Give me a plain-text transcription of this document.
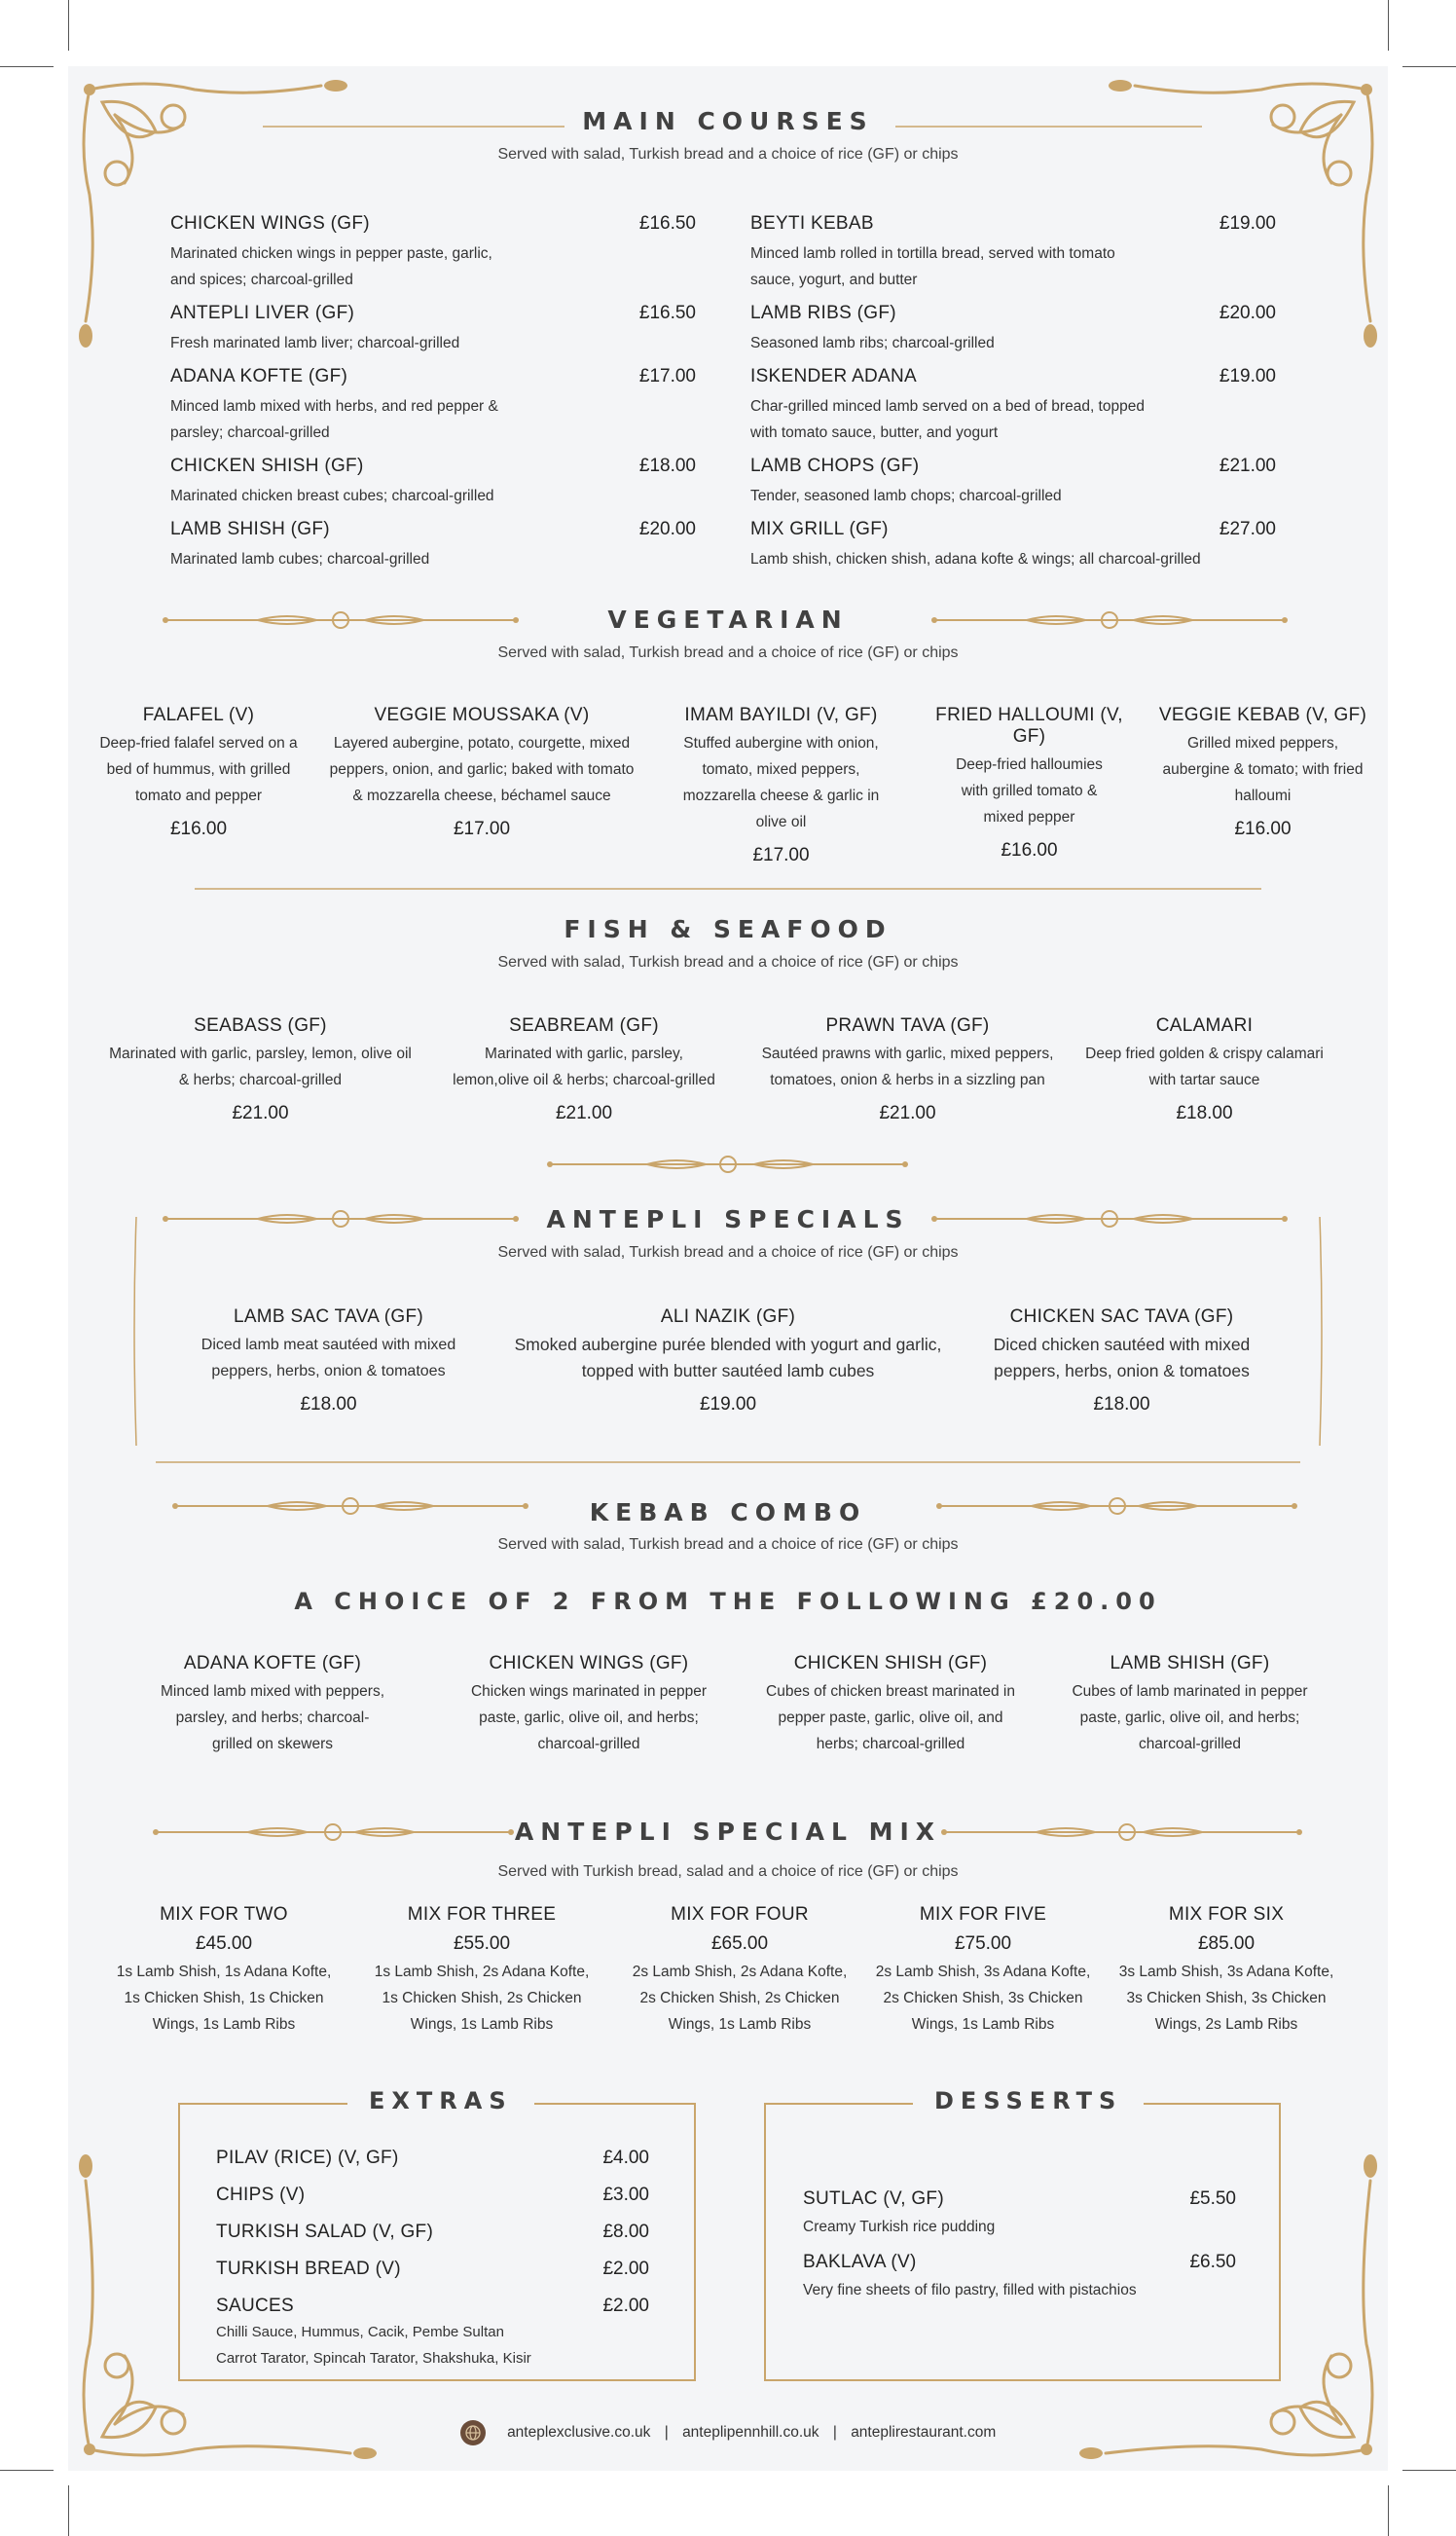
MAIN COURSES
Served with salad, Turkish bread and a choice of rice (GF) or chips
CHICKEN WINGS (GF)	£16.50
Marinated chicken wings in pepper paste, garlic, and spices; charcoal-grilled
ANTEPLI LIVER (GF)	£16.50
Fresh marinated lamb liver; charcoal-grilled
ADANA KOFTE (GF)	£17.00
Minced lamb mixed with herbs, and red pepper & parsley; charcoal-grilled
CHICKEN SHISH (GF)	£18.00
Marinated chicken breast cubes; charcoal-grilled
LAMB SHISH (GF)	£20.00
Marinated lamb cubes; charcoal-grilled
BEYTI KEBAB	£19.00
Minced lamb rolled in tortilla bread, served with tomato sauce, yogurt, and butter
LAMB RIBS (GF)	£20.00
Seasoned lamb ribs; charcoal-grilled
ISKENDER ADANA	£19.00
Char-grilled minced lamb served on a bed of bread, topped with tomato sauce, butter, and yogurt
LAMB CHOPS (GF)	£21.00
Tender, seasoned lamb chops; charcoal-grilled
MIX GRILL (GF)	£27.00
Lamb shish, chicken shish, adana kofte & wings; all charcoal-grilled
VEGETARIAN
Served with salad, Turkish bread and a choice of rice (GF) or chips
FALAFEL (V)
Deep-fried falafel served on a bed of hummus, with grilled tomato and pepper
£16.00
VEGGIE MOUSSAKA (V)
Layered aubergine, potato, courgette, mixed peppers, onion, and garlic; baked with tomato & mozzarella cheese, béchamel sauce
£17.00
IMAM BAYILDI (V, GF)
Stuffed aubergine with onion, tomato, mixed peppers, mozzarella cheese & garlic in olive oil
£17.00
FRIED HALLOUMI (V, GF)
Deep-fried halloumies with grilled tomato & mixed pepper
£16.00
VEGGIE KEBAB (V, GF)
Grilled mixed peppers, aubergine & tomato; with fried halloumi
£16.00
FISH & SEAFOOD
Served with salad, Turkish bread and a choice of rice (GF) or chips
SEABASS (GF)
Marinated with garlic, parsley, lemon, olive oil & herbs; charcoal-grilled
£21.00
SEABREAM (GF)
Marinated with garlic, parsley, lemon,olive oil & herbs; charcoal-grilled
£21.00
PRAWN TAVA (GF)
Sautéed prawns with garlic, mixed peppers, tomatoes, onion & herbs in a sizzling pan
£21.00
CALAMARI
Deep fried golden & crispy calamari with tartar sauce
£18.00
ANTEPLI SPECIALS
Served with salad, Turkish bread and a choice of rice (GF) or chips
LAMB SAC TAVA (GF)
Diced lamb meat sautéed with mixed peppers, herbs, onion & tomatoes
£18.00
ALI NAZIK (GF)
Smoked aubergine purée blended with yogurt and garlic, topped with butter sautéed lamb cubes
£19.00
CHICKEN SAC TAVA (GF)
Diced chicken sautéed with mixed peppers, herbs, onion & tomatoes
£18.00
KEBAB COMBO
Served with salad, Turkish bread and a choice of rice (GF) or chips
A CHOICE OF 2 FROM THE FOLLOWING £20.00
ADANA KOFTE (GF)
Minced lamb mixed with peppers, parsley, and herbs; charcoal-grilled on skewers
CHICKEN WINGS (GF)
Chicken wings marinated in pepper paste, garlic, olive oil, and herbs; charcoal-grilled
CHICKEN SHISH (GF)
Cubes of chicken breast marinated in pepper paste, garlic, olive oil, and herbs; charcoal-grilled
LAMB SHISH (GF)
Cubes of lamb marinated in pepper paste, garlic, olive oil, and herbs; charcoal-grilled
ANTEPLI SPECIAL MIX
Served with Turkish bread, salad and a choice of rice (GF) or chips
MIX FOR TWO
£45.00
1s Lamb Shish, 1s Adana Kofte, 1s Chicken Shish, 1s Chicken Wings, 1s Lamb Ribs
MIX FOR THREE
£55.00
1s Lamb Shish, 2s Adana Kofte, 1s Chicken Shish, 2s Chicken Wings, 1s Lamb Ribs
MIX FOR FOUR
£65.00
2s Lamb Shish, 2s Adana Kofte, 2s Chicken Shish, 2s Chicken Wings, 1s Lamb Ribs
MIX FOR FIVE
£75.00
2s Lamb Shish, 3s Adana Kofte, 2s Chicken Shish, 3s Chicken Wings, 1s Lamb Ribs
MIX FOR SIX
£85.00
3s Lamb Shish, 3s Adana Kofte, 3s Chicken Shish, 3s Chicken Wings, 2s Lamb Ribs
EXTRAS
PILAV (RICE) (V, GF)	£4.00
CHIPS (V)	£3.00
TURKISH SALAD (V, GF)	£8.00
TURKISH BREAD (V)	£2.00
SAUCES	£2.00
Chilli Sauce, Hummus, Cacik, Pembe Sultan
Carrot Tarator, Spincah Tarator, Shakshuka, Kisir
DESSERTS
SUTLAC (V, GF)	£5.50
Creamy Turkish rice pudding
BAKLAVA (V)	£6.50
Very fine sheets of filo pastry, filled with pistachios
anteplexclusive.co.uk | anteplipennhill.co.uk | anteplirestaurant.com
